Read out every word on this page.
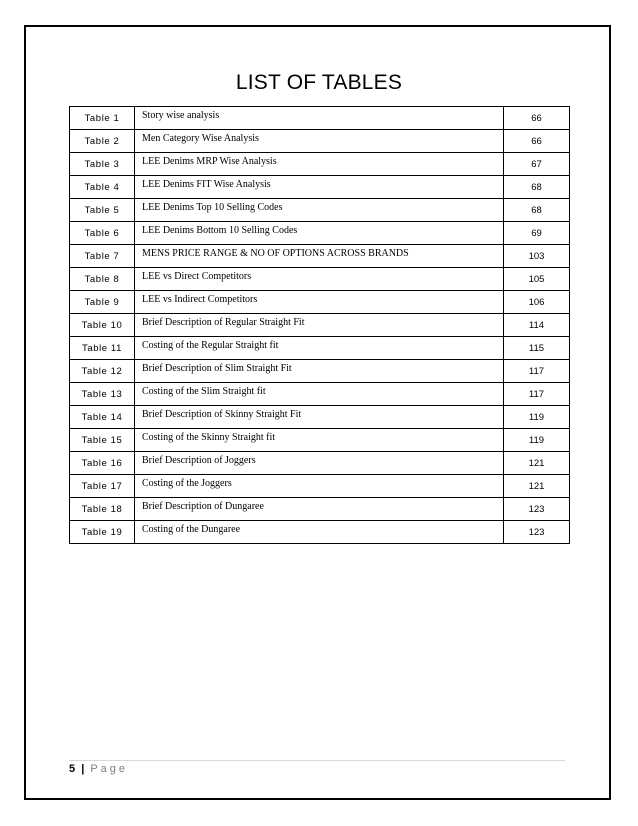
LIST OF TABLES
Table 1	Story wise analysis	66
Table 2	Men Category Wise Analysis	66
Table 3	LEE Denims MRP Wise Analysis	67
Table 4	LEE Denims FIT Wise Analysis	68
Table 5	LEE Denims Top 10 Selling Codes	68
Table 6	LEE Denims Bottom 10 Selling Codes	69
Table 7	MENS PRICE RANGE & NO OF OPTIONS ACROSS BRANDS	103
Table 8	LEE vs Direct Competitors	105
Table 9	LEE vs Indirect Competitors	106
Table 10	Brief Description of Regular Straight Fit	114
Table 11	Costing of the Regular Straight fit	115
Table 12	Brief Description of Slim Straight Fit	117
Table 13	Costing of the Slim Straight fit	117
Table 14	Brief Description of Skinny Straight Fit	119
Table 15	Costing of the Skinny Straight fit	119
Table 16	Brief Description of Joggers	121
Table 17	Costing of the Joggers	121
Table 18	Brief Description of Dungaree	123
Table 19	Costing of the Dungaree	123
5 | Page
